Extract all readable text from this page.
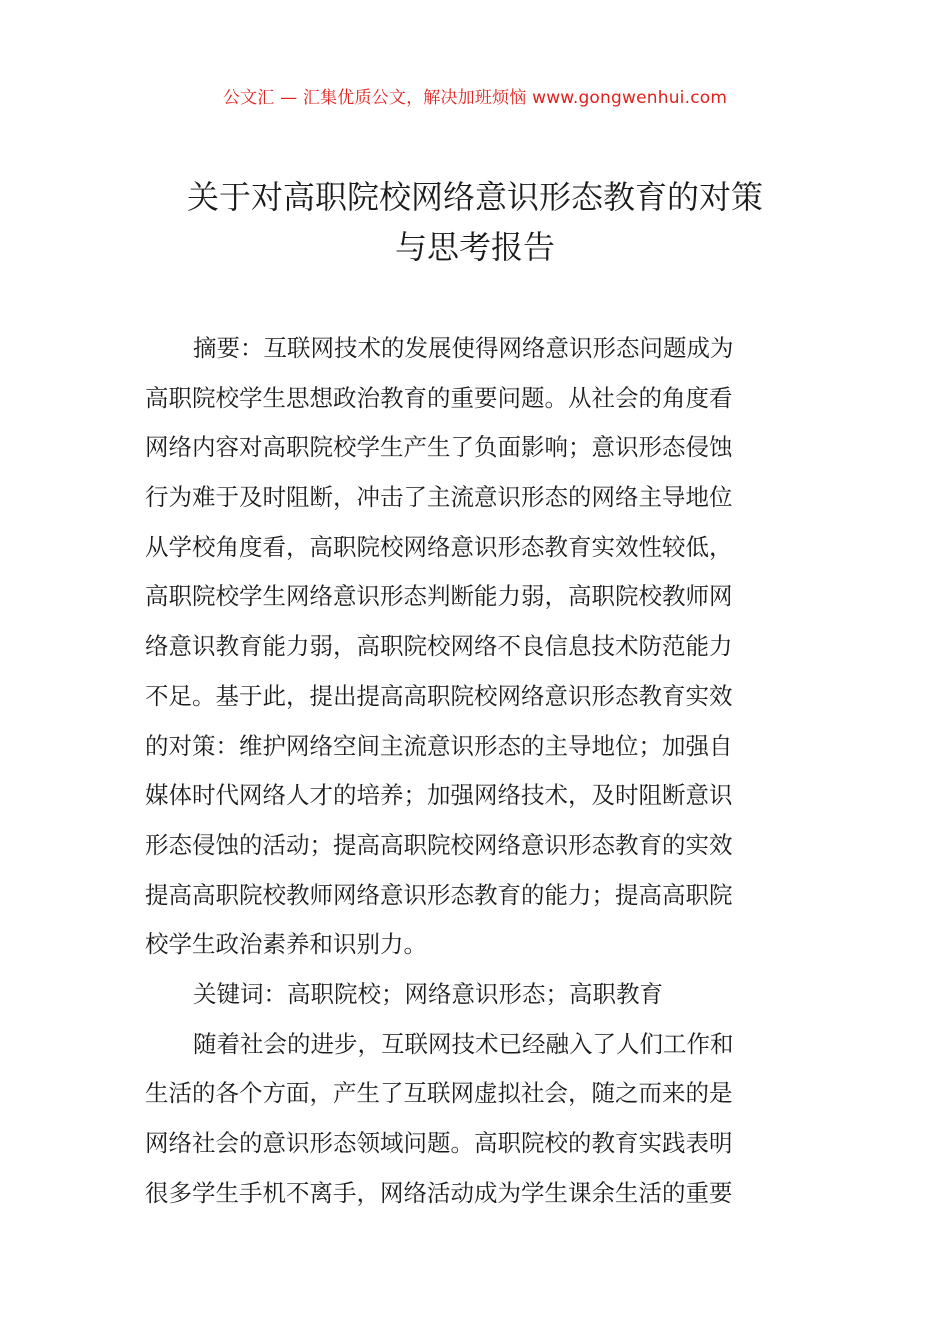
公文汇 — 汇集优质公文，解决加班烦恼 www.gongwenhui.com
关于对高职院校网络意识形态教育的对策
与思考报告
摘要：互联网技术的发展使得网络意识形态问题成为
高职院校学生思想政治教育的重要问题。从社会的角度看
网络内容对高职院校学生产生了负面影响；意识形态侵蚀
行为难于及时阻断，冲击了主流意识形态的网络主导地位
从学校角度看，高职院校网络意识形态教育实效性较低，
高职院校学生网络意识形态判断能力弱，高职院校教师网
络意识教育能力弱，高职院校网络不良信息技术防范能力
不足。基于此，提出提高高职院校网络意识形态教育实效
的对策：维护网络空间主流意识形态的主导地位；加强自
媒体时代网络人才的培养；加强网络技术，及时阻断意识
形态侵蚀的活动；提高高职院校网络意识形态教育的实效
提高高职院校教师网络意识形态教育的能力；提高高职院
校学生政治素养和识别力。
关键词：高职院校；网络意识形态；高职教育
随着社会的进步，互联网技术已经融入了人们工作和
生活的各个方面，产生了互联网虚拟社会，随之而来的是
网络社会的意识形态领域问题。高职院校的教育实践表明
很多学生手机不离手，网络活动成为学生课余生活的重要
